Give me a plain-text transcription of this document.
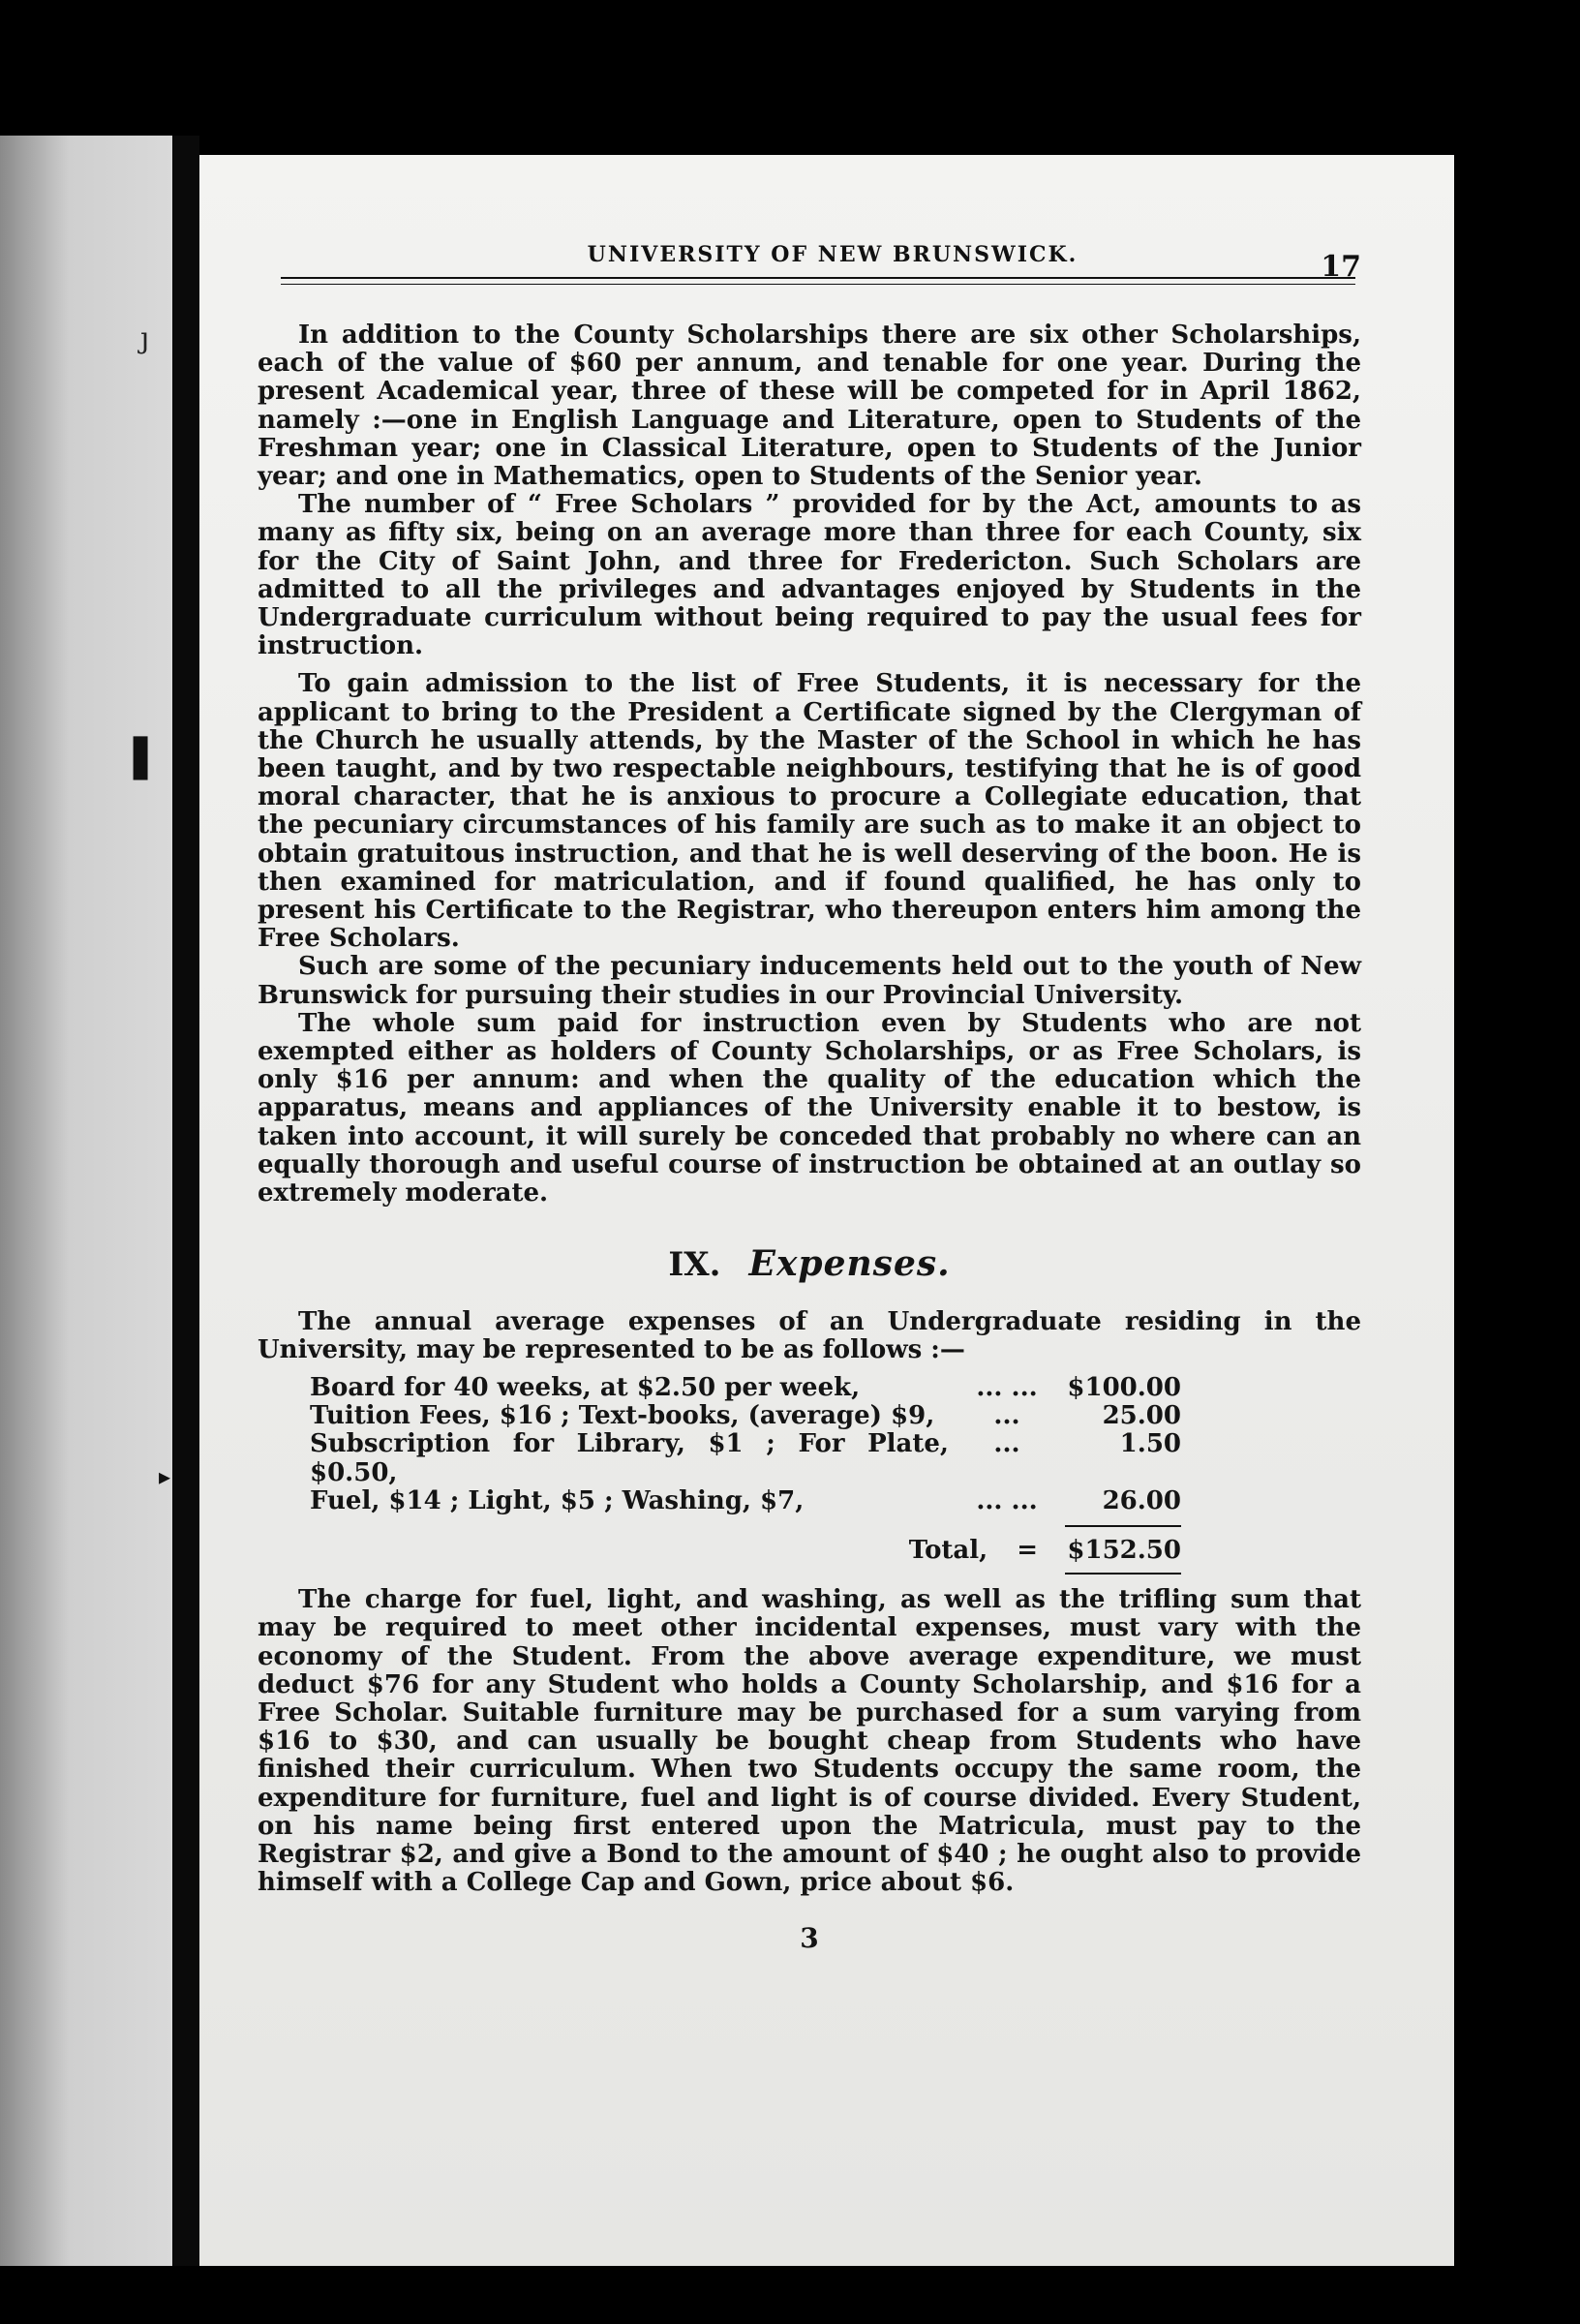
ȷ
▌
▸
UNIVERSITY OF NEW BRUNSWICK.	17

In addition to the County Scholarships there are six other Scholarships, each of the value of $60 per annum, and tenable for one year. During the present Academical year, three of these will be competed for in April 1862, namely :—one in English Language and Literature, open to Students of the Freshman year; one in Classical Literature, open to Students of the Junior year; and one in Mathematics, open to Students of the Senior year.

The number of “ Free Scholars ” provided for by the Act, amounts to as many as fifty six, being on an average more than three for each County, six for the City of Saint John, and three for Fredericton. Such Scholars are admitted to all the privileges and advantages enjoyed by Students in the Undergraduate curriculum without being required to pay the usual fees for instruction.

To gain admission to the list of Free Students, it is necessary for the applicant to bring to the President a Certificate signed by the Clergyman of the Church he usually attends, by the Master of the School in which he has been taught, and by two respectable neighbours, testifying that he is of good moral character, that he is anxious to procure a Collegiate education, that the pecuniary circumstances of his family are such as to make it an object to obtain gratuitous instruction, and that he is well deserving of the boon. He is then examined for matriculation, and if found qualified, he has only to present his Certificate to the Registrar, who thereupon enters him among the Free Scholars.

Such are some of the pecuniary inducements held out to the youth of New Brunswick for pursuing their studies in our Provincial University.

The whole sum paid for instruction even by Students who are not exempted either as holders of County Scholarships, or as Free Scholars, is only $16 per annum: and when the quality of the education which the apparatus, means and appliances of the University enable it to bestow, is taken into account, it will surely be conceded that probably no where can an equally thorough and useful course of instruction be obtained at an outlay so extremely moderate.

IX. Expenses.

The annual average expenses of an Undergraduate residing in the University, may be represented to be as follows :—

Board for 40 weeks, at $2.50 per week,	... ...	$100.00
Tuition Fees, $16 ; Text-books, (average) $9,	...	25.00
Subscription for Library, $1 ; For Plate, $0.50,
...	1.50
Fuel, $14 ; Light, $5 ; Washing, $7,	... ...	26.00
Total, = $152.50

The charge for fuel, light, and washing, as well as the trifling sum that may be required to meet other incidental expenses, must vary with the economy of the Student. From the above average expenditure, we must deduct $76 for any Student who holds a County Scholarship, and $16 for a Free Scholar. Suitable furniture may be purchased for a sum varying from $16 to $30, and can usually be bought cheap from Students who have finished their curriculum. When two Students occupy the same room, the expenditure for furniture, fuel and light is of course divided. Every Student, on his name being first entered upon the Matricula, must pay to the Registrar $2, and give a Bond to the amount of $40 ; he ought also to provide himself with a College Cap and Gown, price about $6.

3
